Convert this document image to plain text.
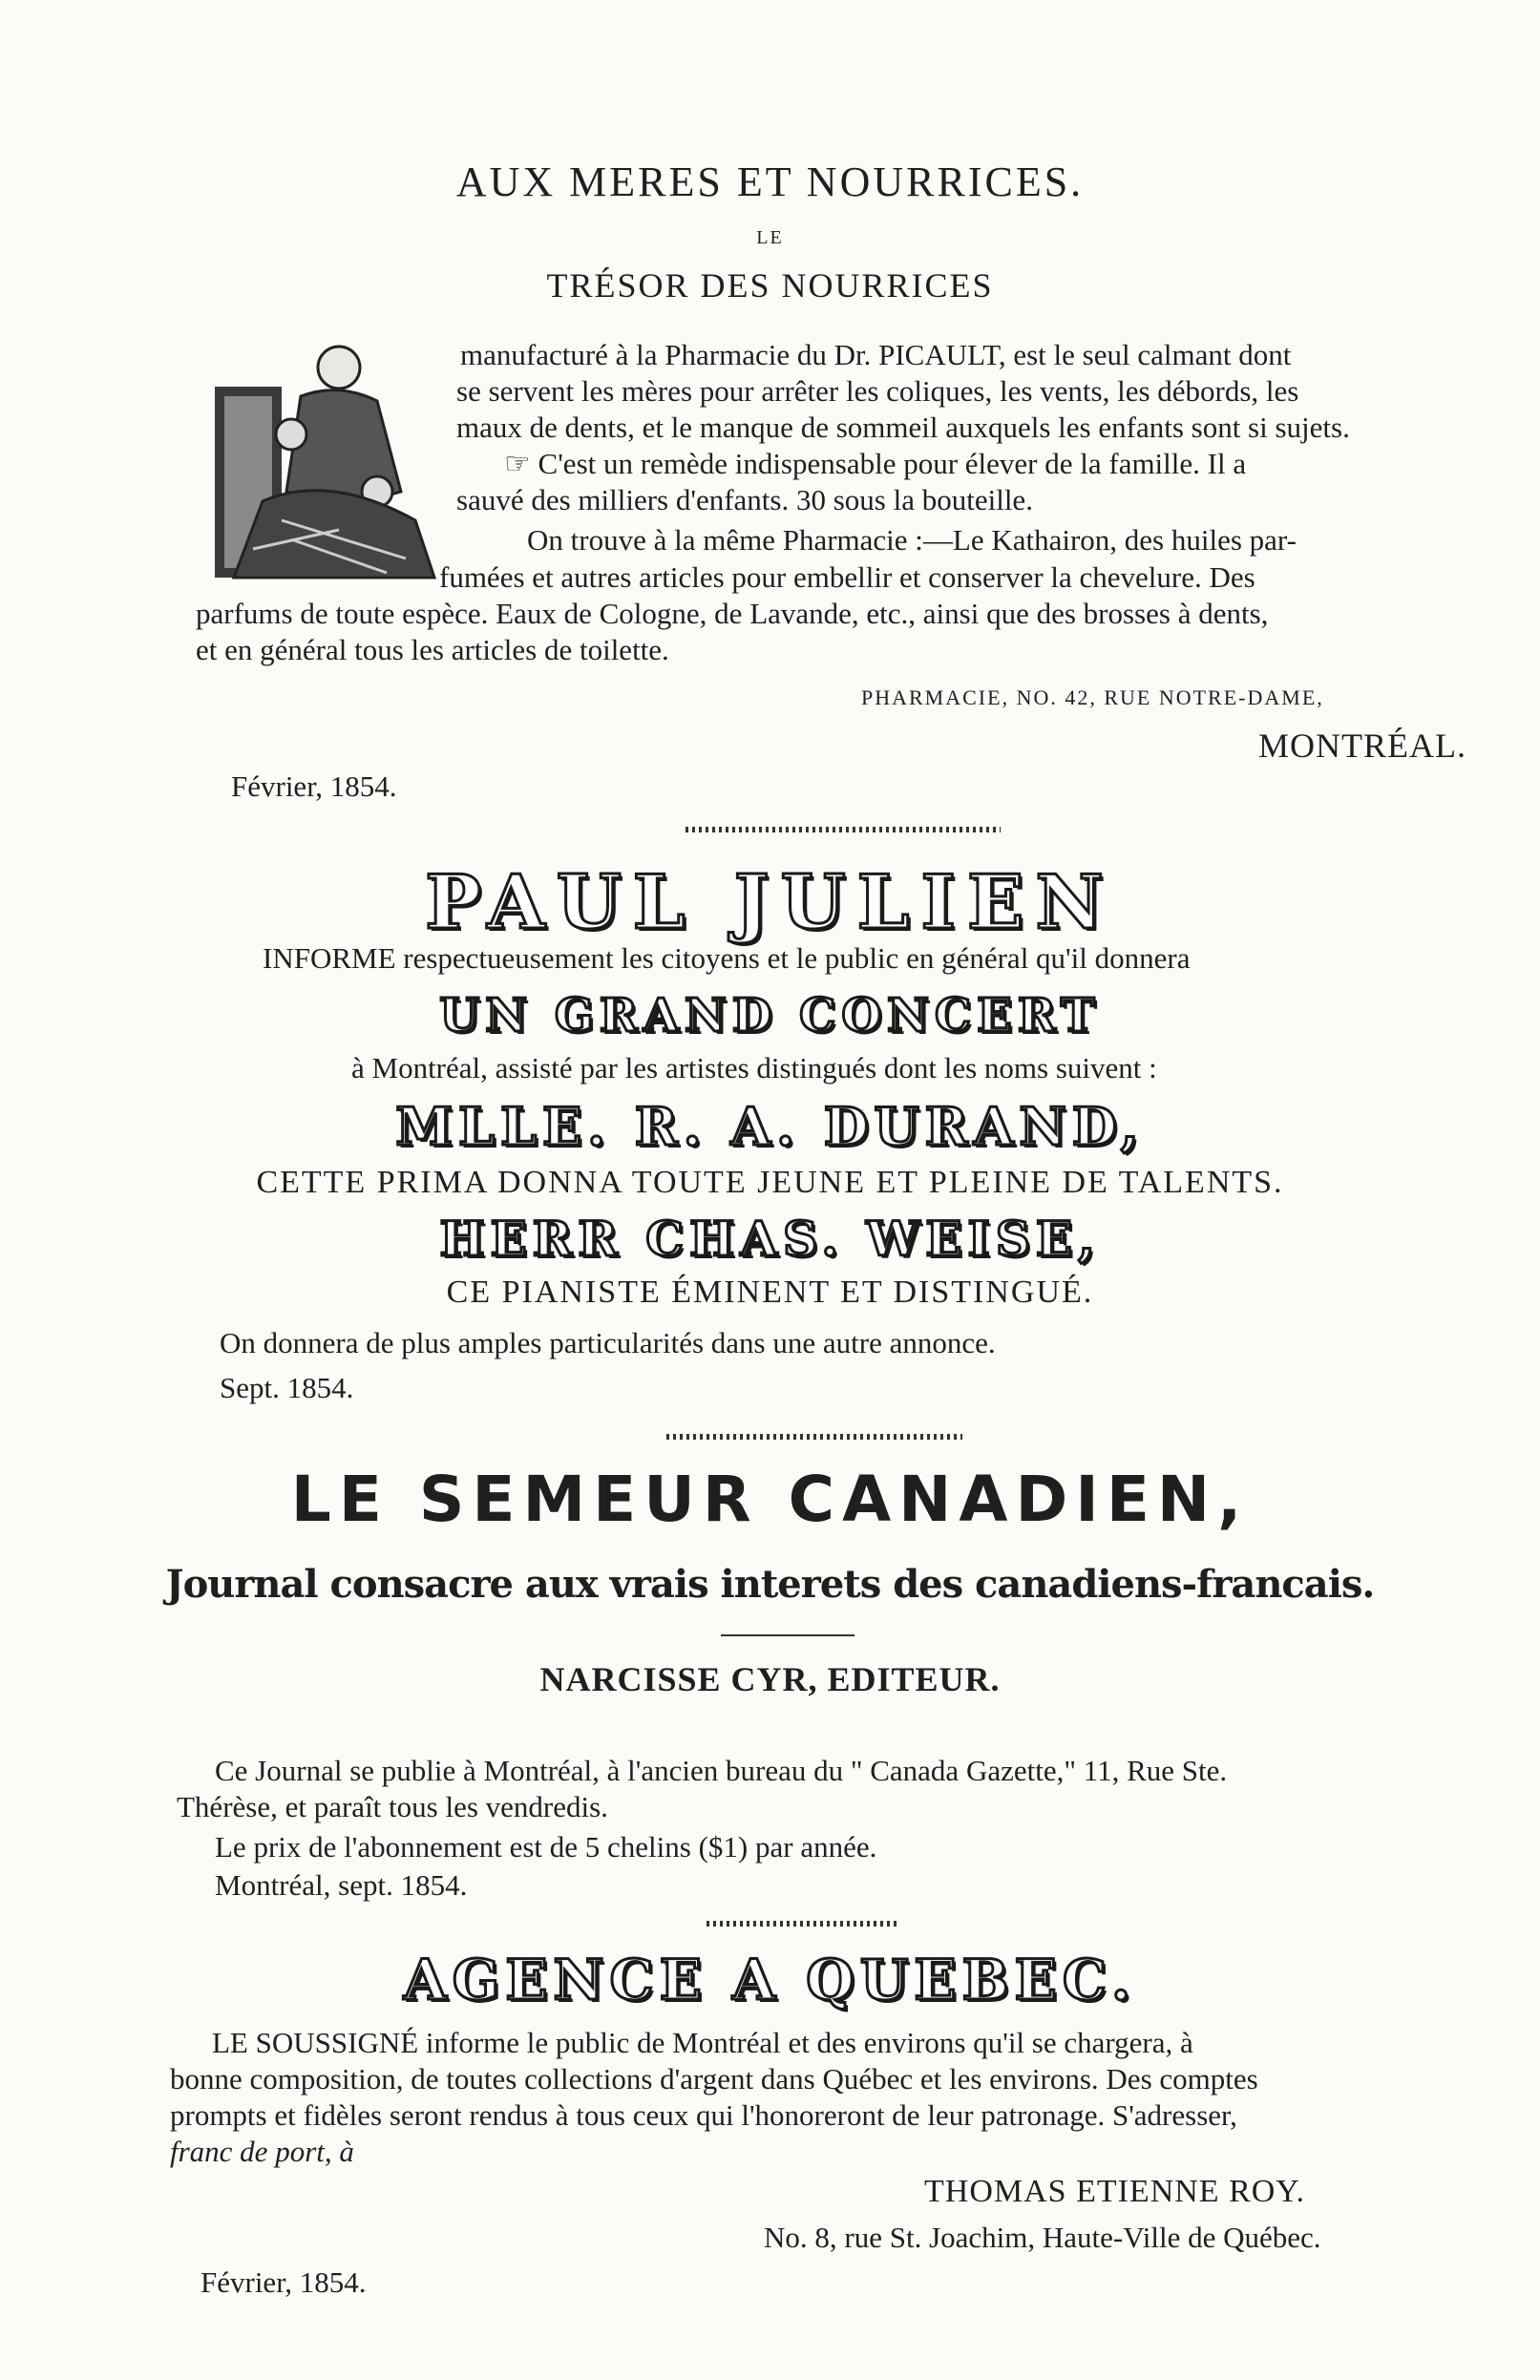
AUX MERES ET NOURRICES.
LE
TRÉSOR DES NOURRICES
manufacturé à la Pharmacie du Dr. PICAULT, est le seul calmant dont
se servent les mères pour arrêter les coliques, les vents, les débords, les
maux de dents, et le manque de sommeil auxquels les enfants sont si sujets.
☞ C'est un remède indispensable pour élever de la famille. Il a
sauvé des milliers d'enfants. 30 sous la bouteille.
On trouve à la même Pharmacie :—Le Kathairon, des huiles par-
fumées et autres articles pour embellir et conserver la chevelure. Des
parfums de toute espèce. Eaux de Cologne, de Lavande, etc., ainsi que des brosses à dents,
et en général tous les articles de toilette.
PHARMACIE, NO. 42, RUE NOTRE-DAME,
MONTRÉAL.
Février, 1854.
PAUL JULIEN
INFORME respectueusement les citoyens et le public en général qu'il donnera
UN GRAND CONCERT
à Montréal, assisté par les artistes distingués dont les noms suivent :
MLLE. R. A. DURAND,
CETTE PRIMA DONNA TOUTE JEUNE ET PLEINE DE TALENTS.
HERR CHAS. WEISE,
CE PIANISTE ÉMINENT ET DISTINGUÉ.
On donnera de plus amples particularités dans une autre annonce.
Sept. 1854.
LE SEMEUR CANADIEN,
Journal consacre aux vrais interets des canadiens-francais.
NARCISSE CYR, EDITEUR.
Ce Journal se publie à Montréal, à l'ancien bureau du " Canada Gazette," 11, Rue Ste.
Thérèse, et paraît tous les vendredis.
Le prix de l'abonnement est de 5 chelins ($1) par année.
Montréal, sept. 1854.
AGENCE A QUEBEC.
LE SOUSSIGNÉ informe le public de Montréal et des environs qu'il se chargera, à
bonne composition, de toutes collections d'argent dans Québec et les environs. Des comptes
prompts et fidèles seront rendus à tous ceux qui l'honoreront de leur patronage. S'adresser,
franc de port, à
THOMAS ETIENNE ROY.
No. 8, rue St. Joachim, Haute-Ville de Québec.
Février, 1854.
